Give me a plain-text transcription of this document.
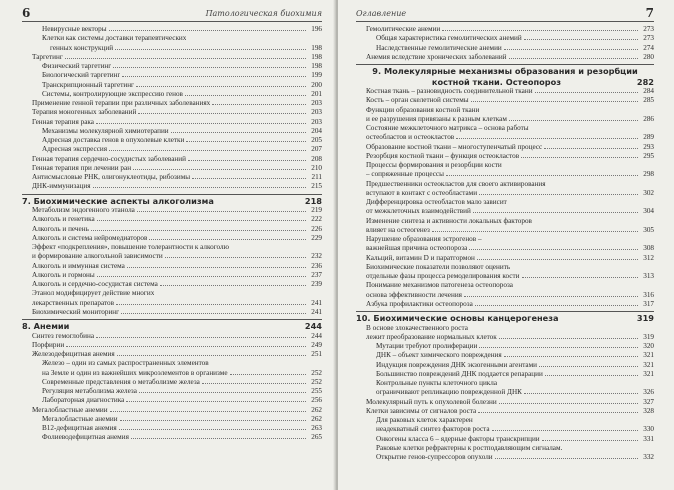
6	Патологическая биохимия
Невирусные векторы	196
Клетки как системы доставки терапевтических
генных конструкций	198
Таргетинг	198
Физический таргетинг	198
Биологический таргетинг	199
Транскрипционный таргетинг	200
Системы, контролирующие экспрессию генов	201
Применение генной терапии при различных заболеваниях	203
Терапия моногенных заболеваний	203
Генная терапия рака	203
Механизмы молекулярной химиотерапии	204
Адресная доставка генов в опухолевые клетки	205
Адресная экспрессия	207
Генная терапия сердечно-сосудистых заболеваний	208
Генная терапия при лечении ран	210
Антисмысловые РНК, олигонуклеотиды, рибозимы	211
ДНК-иммунизация	215
7. Биохимические аспекты алкоголизма	218
Метаболизм эндогенного этанола	219
Алкоголь и генетика	222
Алкоголь и печень	226
Алкоголь и система нейромедиаторов	229
Эффект «подкрепления», повышение толерантности к алкоголю
и формирование алкогольной зависимости	232
Алкоголь и иммунная система	236
Алкоголь и гормоны	237
Алкоголь и сердечно-сосудистая система	239
Этанол модифицирует действие многих
лекарственных препаратов	241
Биохимический мониторинг	241
8. Анемии	244
Синтез гемоглобина	244
Порфирии	249
Железодефицитная анемия	251
Железо – один из самых распространенных элементов
на Земле и один из важнейших микроэлементов в организме	252
Современные представления о метаболизме железа	252
Регуляция метаболизма железа	255
Лабораторная диагностика	256
Мегалобластные анемии	262
Мегалобластные анемии	262
B12-дефицитная анемия	263
Фолиеводефицитная анемия	265
Оглавление	7
Гемолитические анемии	273
Общая характеристика гемолитических анемий	273
Наследственные гемолитические анемии	274
Анемия вследствие хронических заболеваний	280
9. Молекулярные механизмы образования и резорбции
костной ткани. Остеопороз	282
Костная ткань – разновидность соединительной ткани	284
Кость – орган скелетной системы	285
Функции образования костной ткани
и ее разрушения привязаны к разным клеткам	286
Состояние межклеточного матрикса – основа работы
остеобластов и остеокластов	289
Образование костной ткани – многоступенчатый процесс	293
Резорбция костной ткани – функция остеокластов	295
Процессы формирования и резорбции кости
– сопряженные процессы	298
Предшественники остеокластов для своего активирования
вступают в контакт с остеобластами	302
Дифференцировка остеобластов мало зависит
от межклеточных взаимодействий	304
Изменение синтеза и активности локальных факторов
влияет на остеогенез	305
Нарушение образования эстрогенов –
важнейшая причина остеопороза	308
Кальций, витамин D и паратгормон	312
Биохимические показатели позволяют оценить
отдельные фазы процесса ремоделирования кости	313
Понимание механизмов патогенеза остеопороза
основа эффективности лечения	316
Азбука профилактики остеопороза	317
10. Биохимические основы канцерогенеза	319
В основе злокачественного роста
лежит преобразование нормальных клеток	319
Мутации требуют пролиферации	320
ДНК – объект химического повреждения	321
Индукция повреждения ДНК экзогенными агентами	321
Большинство повреждений ДНК поддается репарации	321
Контрольные пункты клеточного цикла
ограничивают репликацию поврежденной ДНК	326
Молекулярный путь к опухолевой болезни	327
Клетки зависимы от сигналов роста	328
Для раковых клеток характерен
неадекватный синтез факторов роста	330
Онкогены класса 6 – ядерные факторы транскрипции	331
Раковые клетки рефрактерны к ростподавляющим сигналам.
Открытие генов-супрессоров опухоли	332
